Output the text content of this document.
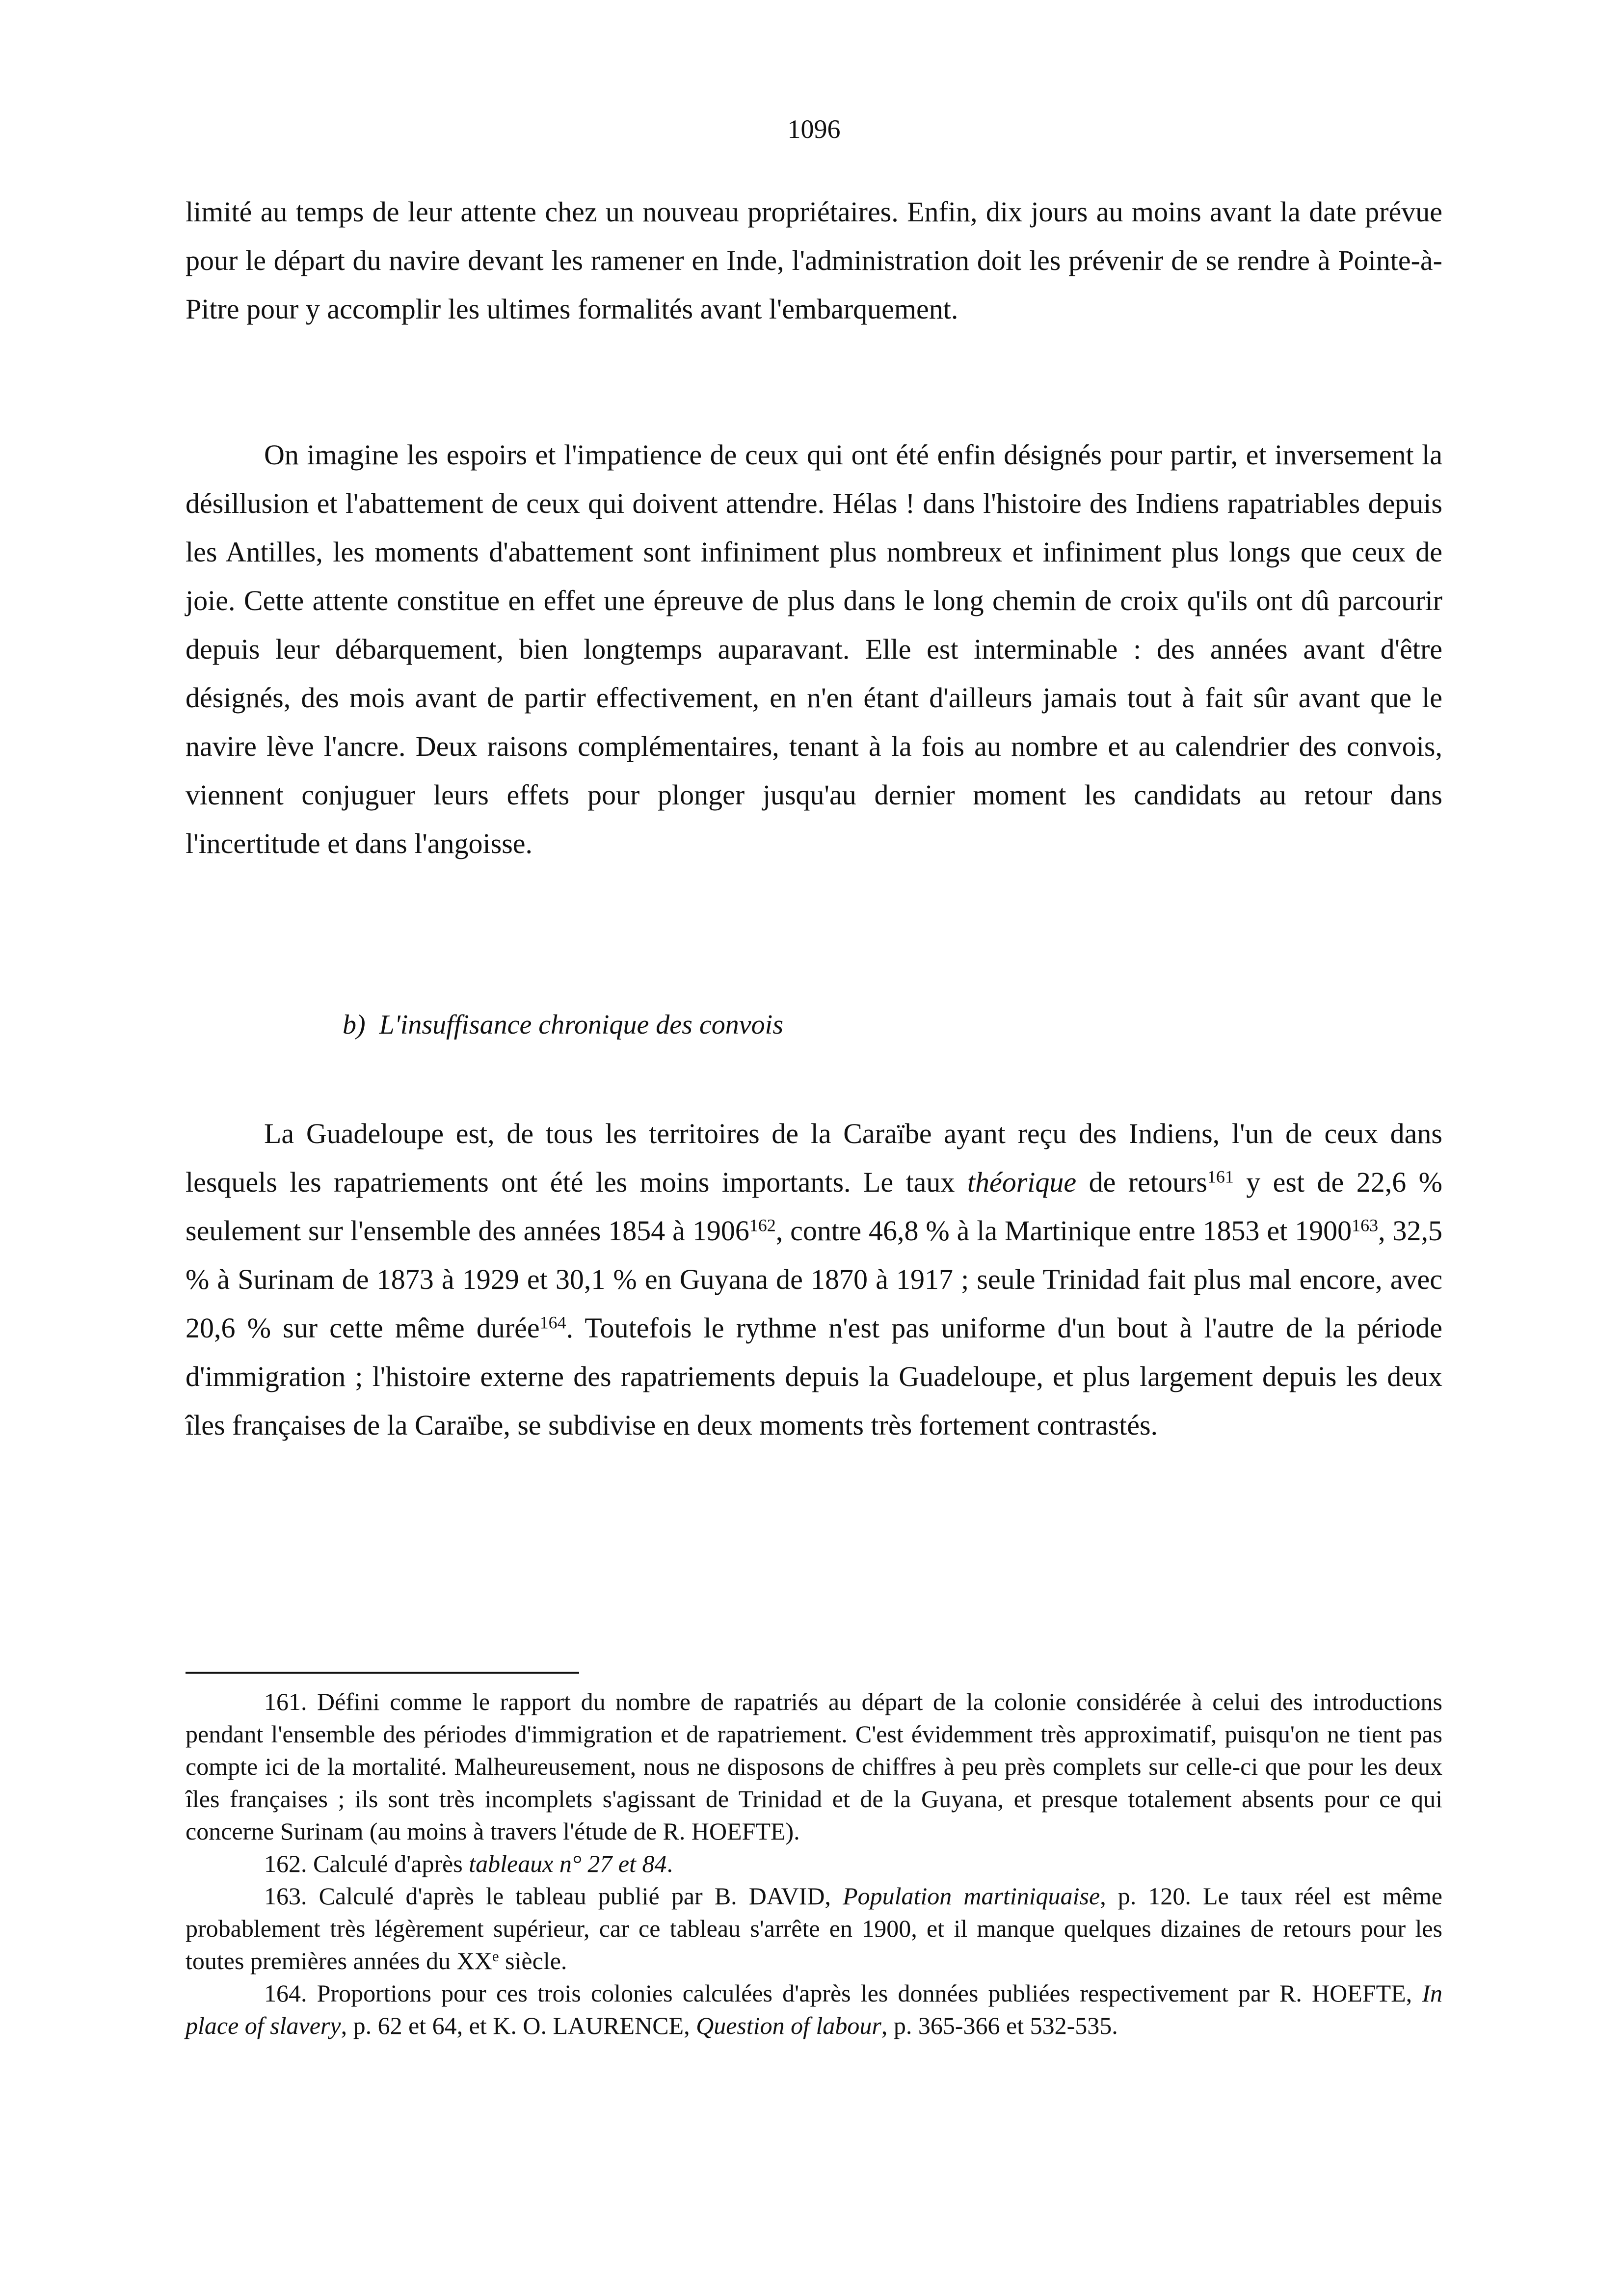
1096

limité au temps de leur attente chez un nouveau propriétaires. Enfin, dix jours au moins avant la date prévue pour le départ du navire devant les ramener en Inde, l'administration doit les prévenir de se rendre à Pointe-à-Pitre pour y accomplir les ultimes formalités avant l'embarquement.

On imagine les espoirs et l'impatience de ceux qui ont été enfin désignés pour partir, et inversement la désillusion et l'abattement de ceux qui doivent attendre. Hélas ! dans l'histoire des Indiens rapatriables depuis les Antilles, les moments d'abattement sont infiniment plus nombreux et infiniment plus longs que ceux de joie. Cette attente constitue en effet une épreuve de plus dans le long chemin de croix qu'ils ont dû parcourir depuis leur débarquement, bien longtemps auparavant. Elle est interminable : des années avant d'être désignés, des mois avant de partir effectivement, en n'en étant d'ailleurs jamais tout à fait sûr avant que le navire lève l'ancre. Deux raisons complémentaires, tenant à la fois au nombre et au calendrier des convois, viennent conjuguer leurs effets pour plonger jusqu'au dernier moment les candidats au retour dans l'incertitude et dans l'angoisse.

b) L'insuffisance chronique des convois

La Guadeloupe est, de tous les territoires de la Caraïbe ayant reçu des Indiens, l'un de ceux dans lesquels les rapatriements ont été les moins importants. Le taux théorique de retours$^{161}$ y est de 22,6 % seulement sur l'ensemble des années 1854 à 1906$^{162}$, contre 46,8 % à la Martinique entre 1853 et 1900$^{163}$, 32,5 % à Surinam de 1873 à 1929 et 30,1 % en Guyana de 1870 à 1917 ; seule Trinidad fait plus mal encore, avec 20,6 % sur cette même durée$^{164}$. Toutefois le rythme n'est pas uniforme d'un bout à l'autre de la période d'immigration ; l'histoire externe des rapatriements depuis la Guadeloupe, et plus largement depuis les deux îles françaises de la Caraïbe, se subdivise en deux moments très fortement contrastés.

161. Défini comme le rapport du nombre de rapatriés au départ de la colonie considérée à celui des introductions pendant l'ensemble des périodes d'immigration et de rapatriement. C'est évidemment très approximatif, puisqu'on ne tient pas compte ici de la mortalité. Malheureusement, nous ne disposons de chiffres à peu près complets sur celle-ci que pour les deux îles françaises ; ils sont très incomplets s'agissant de Trinidad et de la Guyana, et presque totalement absents pour ce qui concerne Surinam (au moins à travers l'étude de R. HOEFTE).

162. Calculé d'après tableaux n° 27 et 84.

163. Calculé d'après le tableau publié par B. DAVID, Population martiniquaise, p. 120. Le taux réel est même probablement très légèrement supérieur, car ce tableau s'arrête en 1900, et il manque quelques dizaines de retours pour les toutes premières années du XXe siècle.

164. Proportions pour ces trois colonies calculées d'après les données publiées respectivement par R. HOEFTE, In place of slavery, p. 62 et 64, et K. O. LAURENCE, Question of labour, p. 365-366 et 532-535.
